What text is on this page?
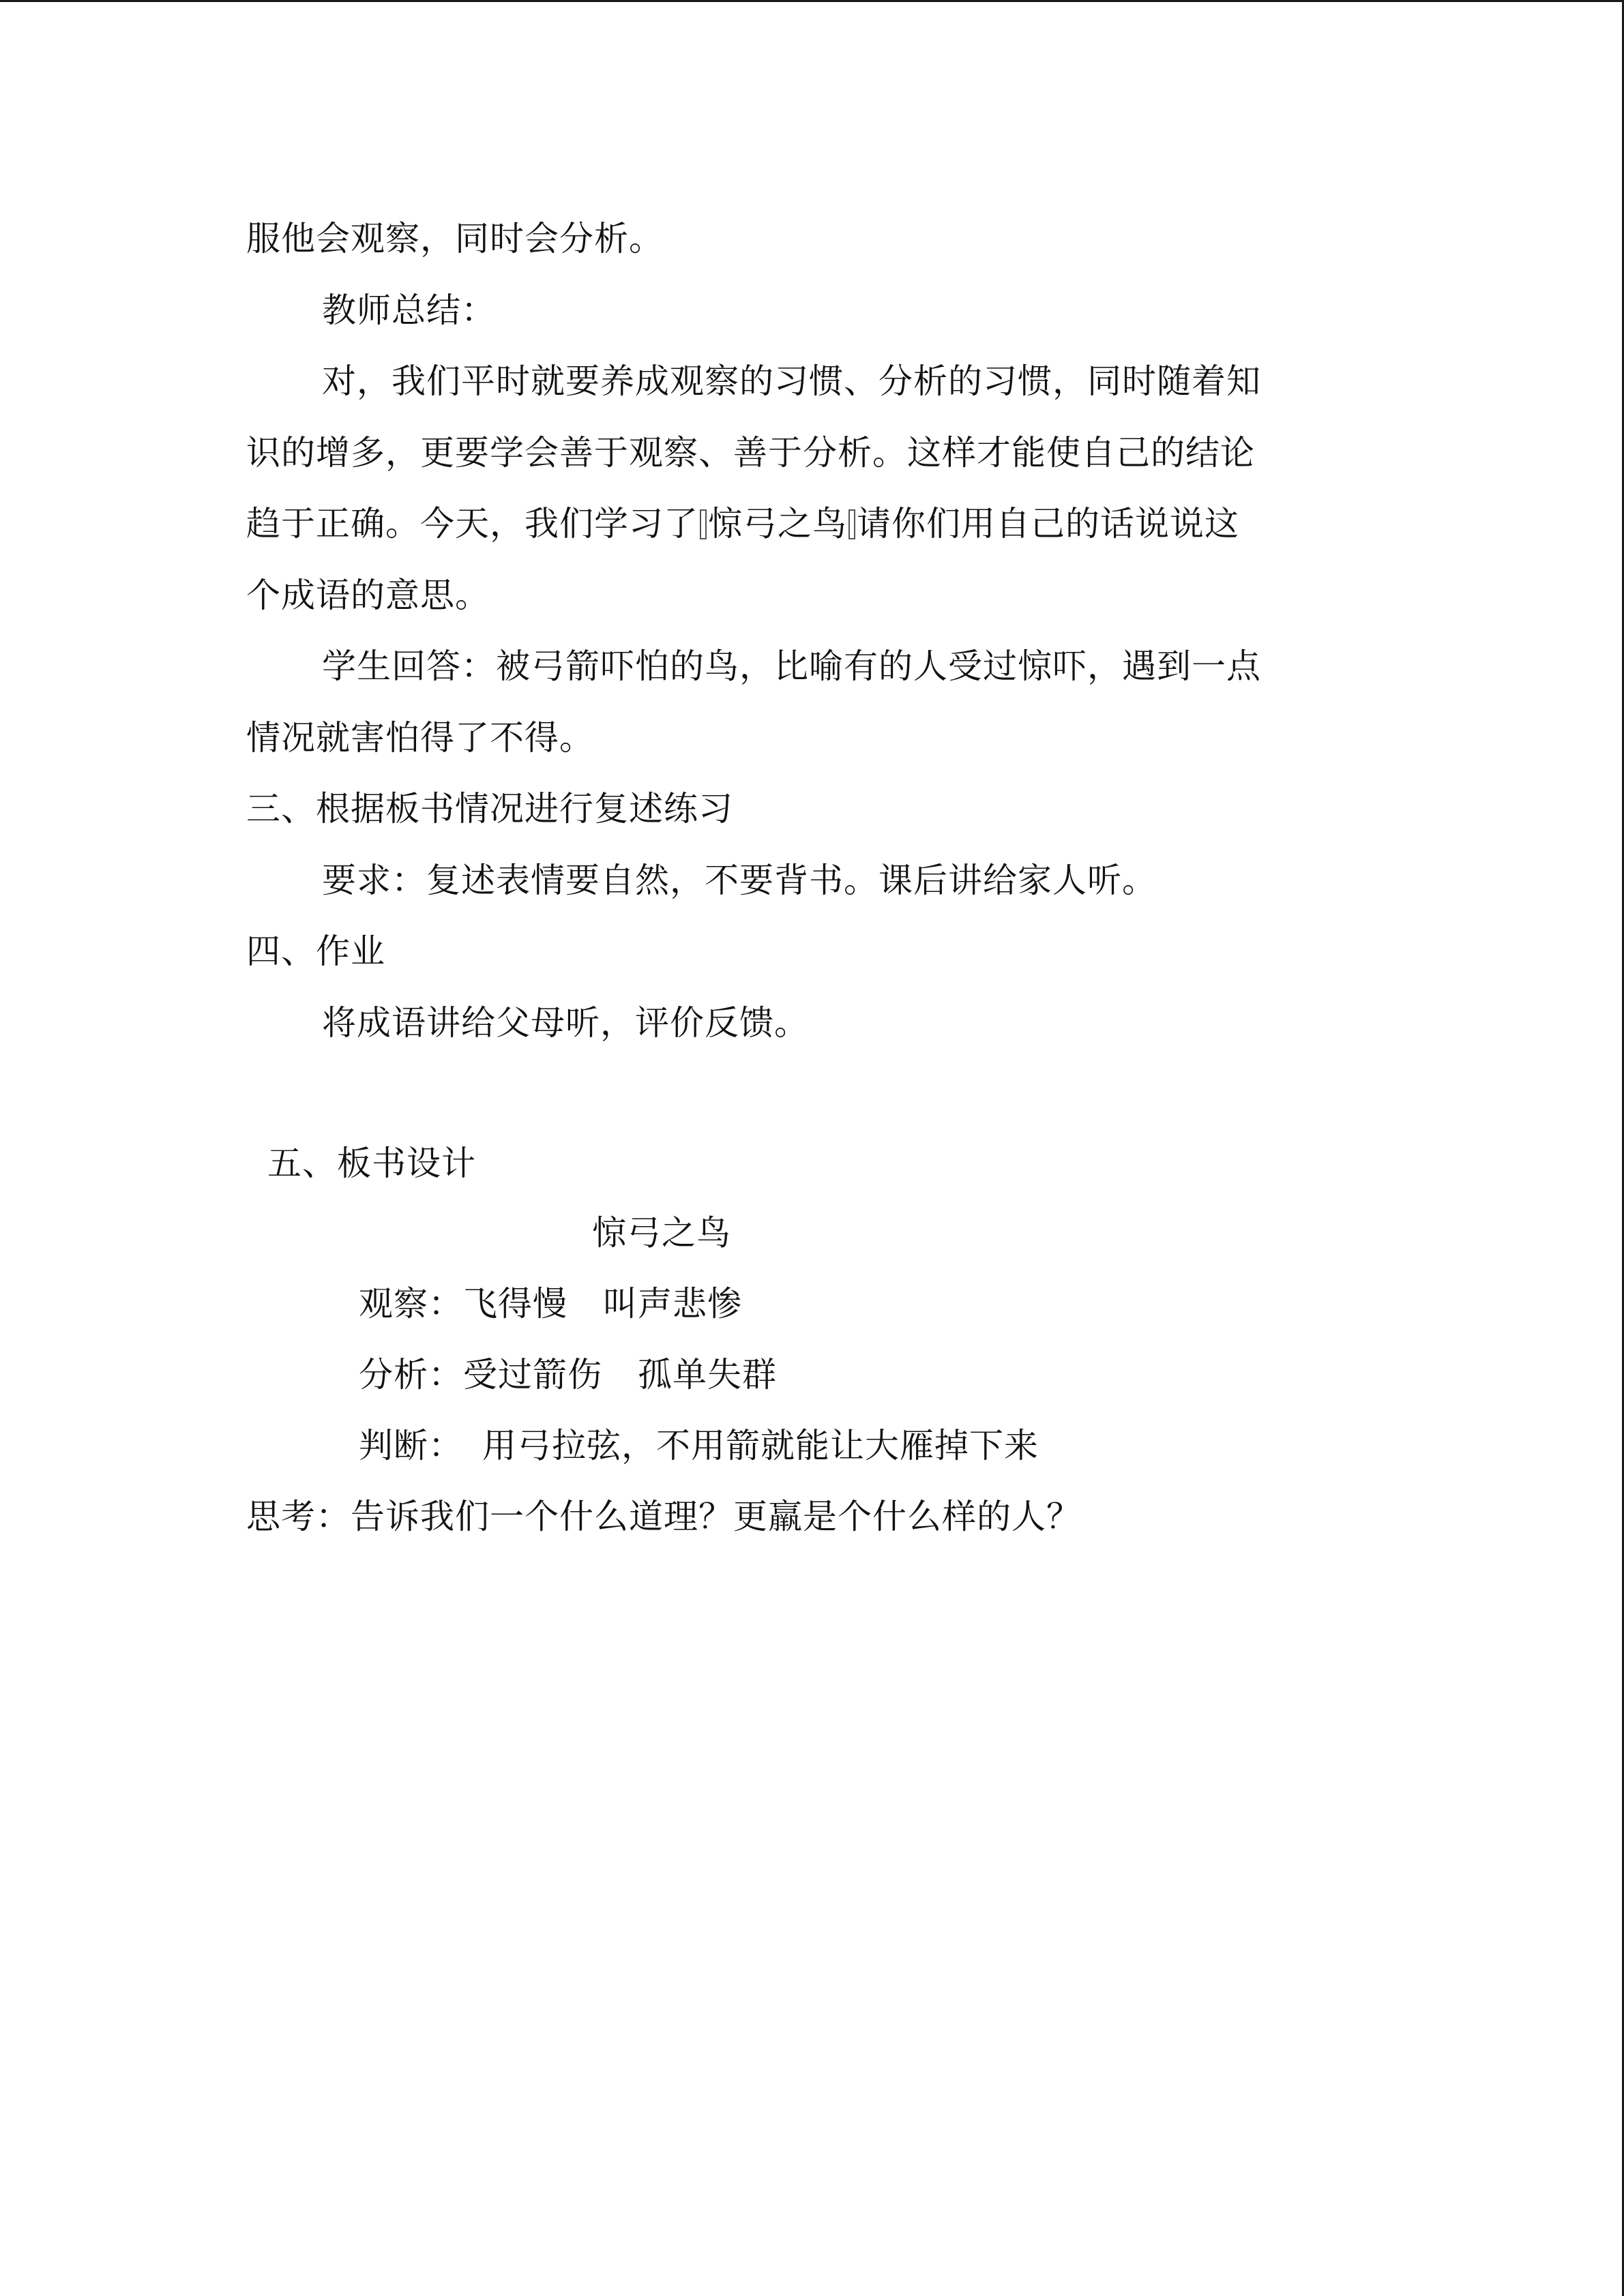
服他会观察，同时会分析。
教师总结：
对，我们平时就要养成观察的习惯、分析的习惯，同时随着知
识的增多，更要学会善于观察、善于分析。这样才能使自己的结论
趋于正确。今天，我们学习了 惊弓之鸟 请你们用自己的话说说这
个成语的意思。
学生回答：被弓箭吓怕的鸟，比喻有的人受过惊吓，遇到一点
情况就害怕得了不得。
三、根据板书情况进行复述练习
要求：复述表情要自然，不要背书。课后讲给家人听。
四、作业
将成语讲给父母听，评价反馈。
五、板书设计
惊弓之鸟
观察：飞得慢 叫声悲惨
分析：受过箭伤 孤单失群
判断： 用弓拉弦，不用箭就能让大雁掉下来
思考：告诉我们一个什么道理？更羸是个什么样的人？
